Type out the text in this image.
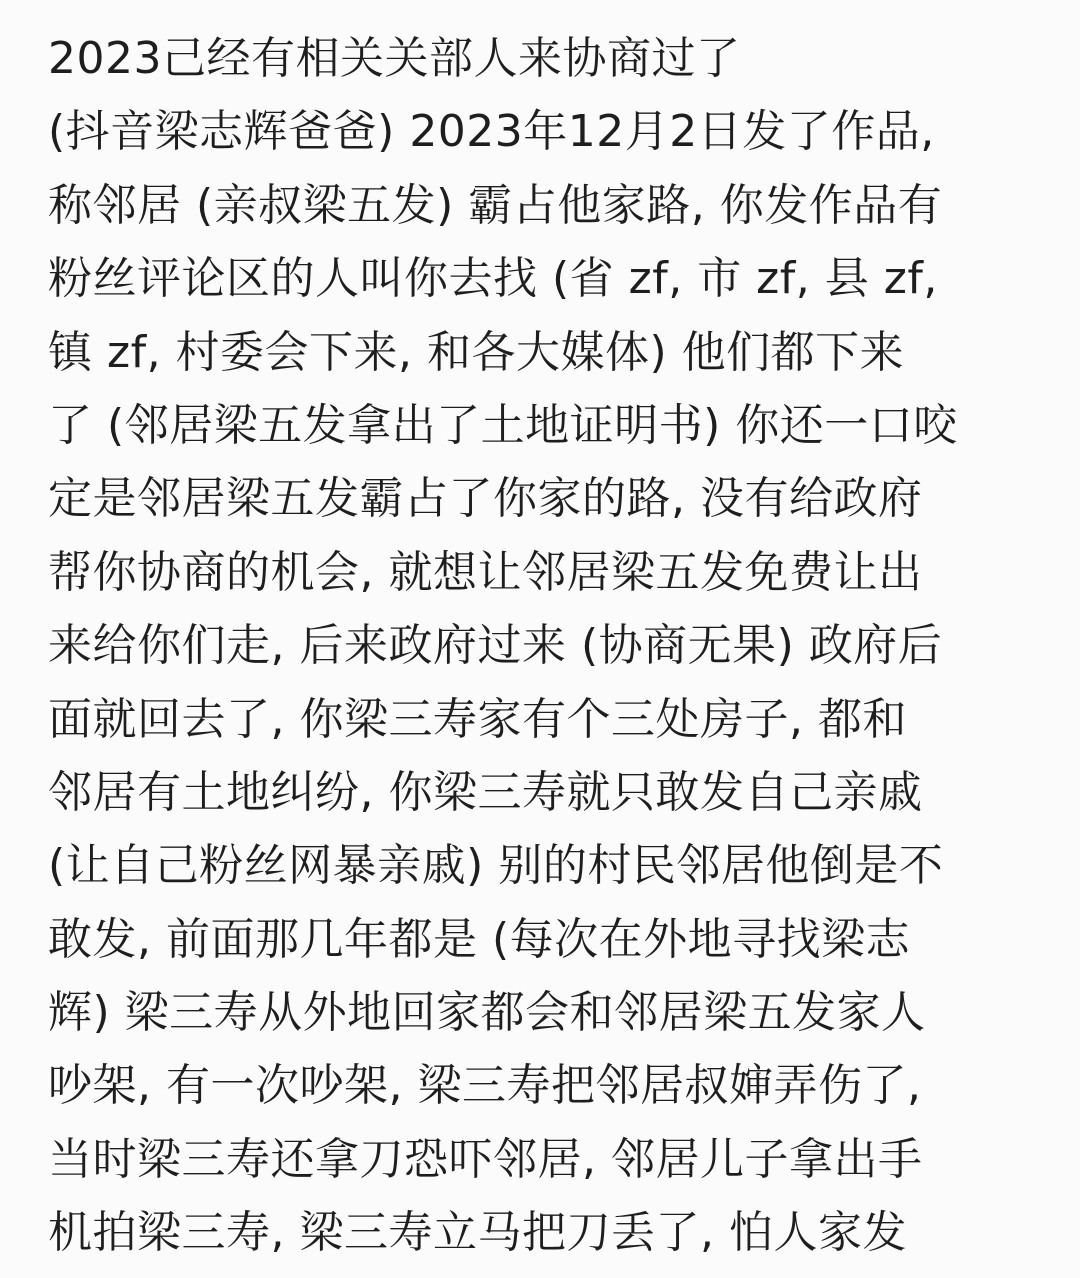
2023己经有相关关部人来协商过了
(抖音梁志辉爸爸) 2023年12月2日发了作品,
称邻居 (亲叔梁五发) 霸占他家路, 你发作品有
粉丝评论区的人叫你去找 (省 zf, 市 zf, 县 zf,
镇 zf, 村委会下来, 和各大媒体) 他们都下来
了 (邻居梁五发拿出了土地证明书) 你还一口咬
定是邻居梁五发霸占了你家的路, 没有给政府
帮你协商的机会, 就想让邻居梁五发免费让出
来给你们走, 后来政府过来 (协商无果) 政府后
面就回去了, 你梁三寿家有个三处房子, 都和
邻居有土地纠纷, 你梁三寿就只敢发自己亲戚
(让自己粉丝网暴亲戚) 别的村民邻居他倒是不
敢发, 前面那几年都是 (每次在外地寻找梁志
辉) 梁三寿从外地回家都会和邻居梁五发家人
吵架, 有一次吵架, 梁三寿把邻居叔婶弄伤了,
当时梁三寿还拿刀恐吓邻居, 邻居儿子拿出手
机拍梁三寿, 梁三寿立马把刀丢了, 怕人家发
